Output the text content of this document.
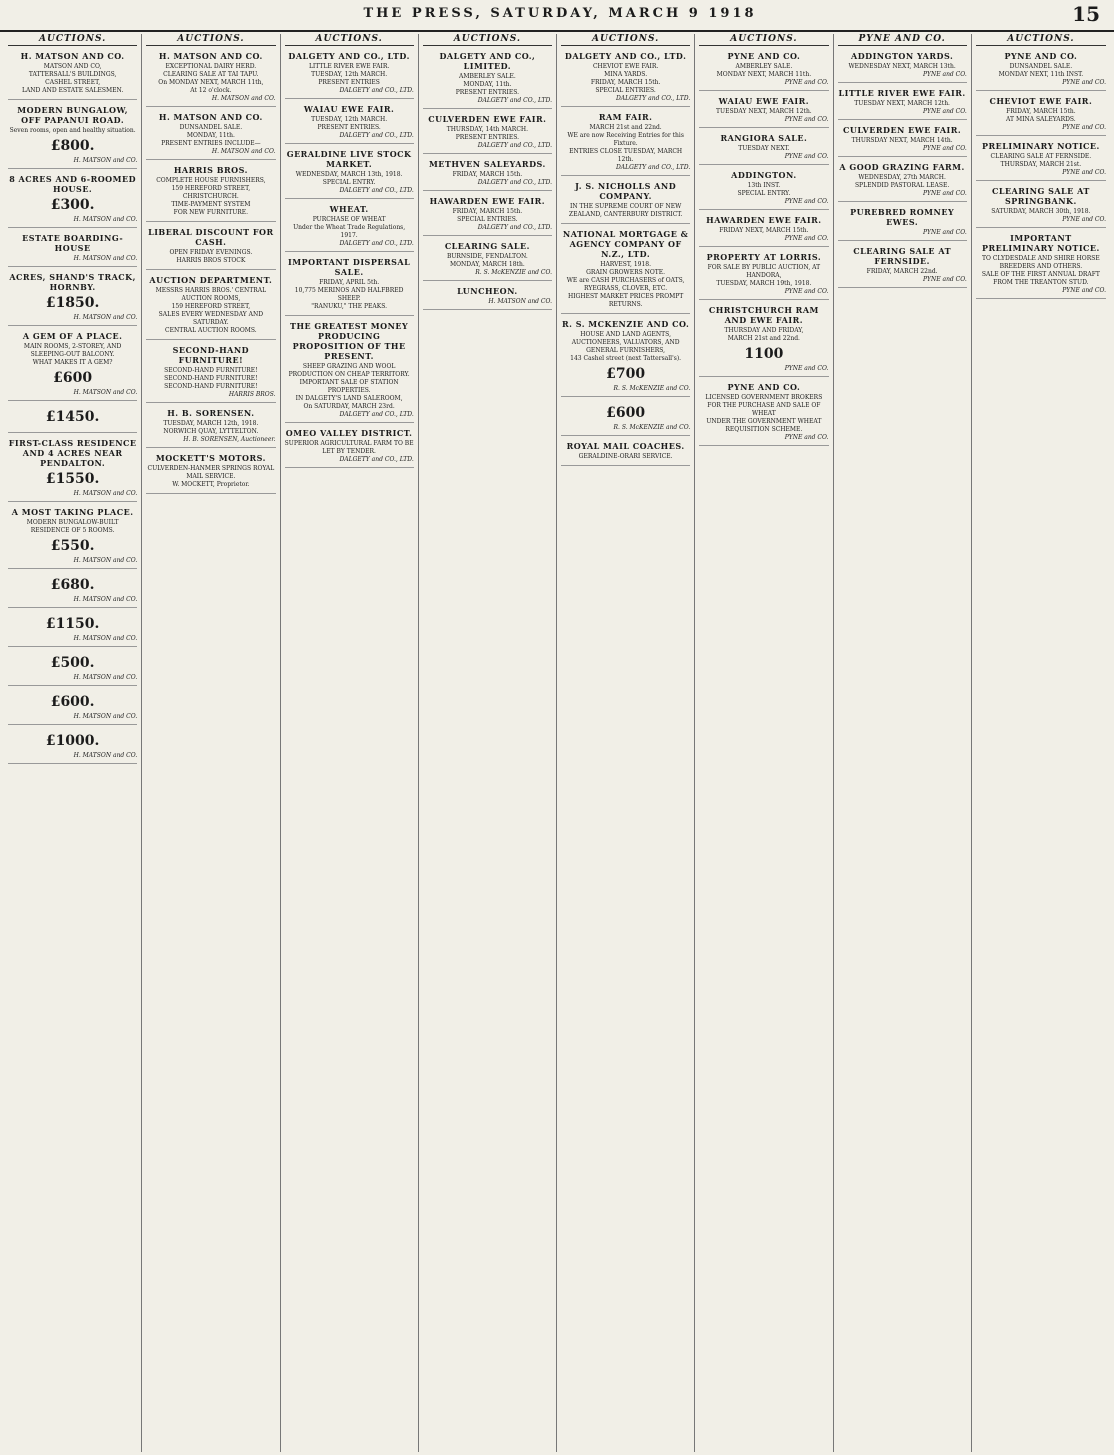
THE PRESS, SATURDAY, MARCH 9 1918	15
AUCTIONS.
H. MATSON AND CO.
MATSON AND CO,
TATTERSALL'S BUILDINGS,
CASHEL STREET,
LAND AND ESTATE SALESMEN.
MODERN BUNGALOW, OFF PAPANUI ROAD.
Seven rooms, open and healthy situation.
£800.
H. MATSON and CO.
8 ACRES AND 6-ROOMED HOUSE.
£300.
H. MATSON and CO.
ESTATE BOARDING-HOUSE
H. MATSON and CO.
ACRES, SHAND'S TRACK, HORNBY.
£1850.
H. MATSON and CO.
A GEM OF A PLACE.
MAIN ROOMS, 2-STOREY, AND SLEEPING-OUT BALCONY.
WHAT MAKES IT A GEM?
£600
H. MATSON and CO.
£1450.
FIRST-CLASS RESIDENCE AND 4 ACRES NEAR PENDALTON.
£1550.
H. MATSON and CO.
A MOST TAKING PLACE.
MODERN BUNGALOW-BUILT RESIDENCE OF 5 ROOMS.
£550.
H. MATSON and CO.
£680.
H. MATSON and CO.
£1150.
H. MATSON and CO.
£500.
H. MATSON and CO.
£600.
H. MATSON and CO.
£1000.
H. MATSON and CO.
AUCTIONS.
H. MATSON AND CO.
EXCEPTIONAL DAIRY HERD.
CLEARING SALE AT TAI TAPU.
On MONDAY NEXT, MARCH 11th,
At 12 o'clock.
H. MATSON and CO.
H. MATSON AND CO.
DUNSANDEL SALE.
MONDAY, 11th.
PRESENT ENTRIES INCLUDE—
H. MATSON and CO.
HARRIS BROS.
COMPLETE HOUSE FURNISHERS,
159 HEREFORD STREET,
CHRISTCHURCH.
TIME-PAYMENT SYSTEM
FOR NEW FURNITURE.
LIBERAL DISCOUNT FOR CASH.
OPEN FRIDAY EVENINGS.
HARRIS BROS STOCK
AUCTION DEPARTMENT.
MESSRS HARRIS BROS.' CENTRAL AUCTION ROOMS,
159 HEREFORD STREET,
SALES EVERY WEDNESDAY AND SATURDAY.
CENTRAL AUCTION ROOMS.
SECOND-HAND FURNITURE!
SECOND-HAND FURNITURE!
SECOND-HAND FURNITURE!
SECOND-HAND FURNITURE!
HARRIS BROS.
H. B. SORENSEN.
TUESDAY, MARCH 12th, 1918.
NORWICH QUAY, LYTTELTON.
H. B. SORENSEN, Auctioneer.
MOCKETT'S MOTORS.
CULVERDEN-HANMER SPRINGS ROYAL MAIL SERVICE.
W. MOCKETT, Proprietor.
AUCTIONS.
DALGETY AND CO., LTD.
LITTLE RIVER EWE FAIR.
TUESDAY, 12th MARCH.
PRESENT ENTRIES
DALGETY and CO., LTD.
WAIAU EWE FAIR.
TUESDAY, 12th MARCH.
PRESENT ENTRIES.
DALGETY and CO., LTD.
GERALDINE LIVE STOCK MARKET.
WEDNESDAY, MARCH 13th, 1918.
SPECIAL ENTRY.
DALGETY and CO., LTD.
WHEAT.
PURCHASE OF WHEAT
Under the Wheat Trade Regulations, 1917.
DALGETY and CO., LTD.
IMPORTANT DISPERSAL SALE.
FRIDAY, APRIL 5th.
10,775 MERINOS AND HALFBRED SHEEP.
"RANUKU," THE PEAKS.
THE GREATEST MONEY PRODUCING PROPOSITION OF THE PRESENT.
SHEEP GRAZING AND WOOL PRODUCTION ON CHEAP TERRITORY.
IMPORTANT SALE OF STATION PROPERTIES.
IN DALGETY'S LAND SALEROOM,
On SATURDAY, MARCH 23rd.
DALGETY and CO., LTD.
OMEO VALLEY DISTRICT.
SUPERIOR AGRICULTURAL FARM TO BE LET BY TENDER.
DALGETY and CO., LTD.
AUCTIONS.
DALGETY AND CO., LIMITED.
AMBERLEY SALE.
MONDAY, 11th.
PRESENT ENTRIES.
DALGETY and CO., LTD.
CULVERDEN EWE FAIR.
THURSDAY, 14th MARCH.
PRESENT ENTRIES.
DALGETY and CO., LTD.
METHVEN SALEYARDS.
FRIDAY, MARCH 15th.
DALGETY and CO., LTD.
HAWARDEN EWE FAIR.
FRIDAY, MARCH 15th.
SPECIAL ENTRIES.
DALGETY and CO., LTD.
CLEARING SALE.
BURNSIDE, FENDALTON.
MONDAY, MARCH 18th.
R. S. McKENZIE and CO.
LUNCHEON.
H. MATSON and CO.
AUCTIONS.
DALGETY AND CO., LTD.
CHEVIOT EWE FAIR.
MINA YARDS.
FRIDAY, MARCH 15th.
SPECIAL ENTRIES.
DALGETY and CO., LTD.
RAM FAIR.
MARCH 21st and 22nd.
WE are now Receiving Entries for this Fixture.
ENTRIES CLOSE TUESDAY, MARCH 12th.
DALGETY and CO., LTD.
J. S. NICHOLLS AND COMPANY.
IN THE SUPREME COURT OF NEW ZEALAND, CANTERBURY DISTRICT.
NATIONAL MORTGAGE & AGENCY COMPANY OF N.Z., LTD.
HARVEST, 1918.
GRAIN GROWERS NOTE.
WE are CASH PURCHASERS of OATS, RYEGRASS, CLOVER, ETC.
HIGHEST MARKET PRICES PROMPT RETURNS.
R. S. MCKENZIE AND CO.
HOUSE AND LAND AGENTS,
AUCTIONEERS, VALUATORS, AND
GENERAL FURNISHERS,
143 Cashel street (next Tattersall's).
£700
R. S. McKENZIE and CO.
£600
R. S. McKENZIE and CO.
ROYAL MAIL COACHES.
GERALDINE-ORARI SERVICE.
AUCTIONS.
PYNE AND CO.
AMBERLEY SALE.
MONDAY NEXT, MARCH 11th.
PYNE and CO.
WAIAU EWE FAIR.
TUESDAY NEXT, MARCH 12th.
PYNE and CO.
RANGIORA SALE.
TUESDAY NEXT.
PYNE and CO.
ADDINGTON.
13th INST.
SPECIAL ENTRY.
PYNE and CO.
HAWARDEN EWE FAIR.
FRIDAY NEXT, MARCH 15th.
PYNE and CO.
PROPERTY AT LORRIS.
FOR SALE BY PUBLIC AUCTION, AT HANDORA,
TUESDAY, MARCH 19th, 1918.
PYNE and CO.
CHRISTCHURCH RAM AND EWE FAIR.
THURSDAY AND FRIDAY,
MARCH 21st and 22nd.
1100
PYNE and CO.
PYNE AND CO.
LICENSED GOVERNMENT BROKERS
FOR THE PURCHASE AND SALE OF WHEAT
UNDER THE GOVERNMENT WHEAT REQUISITION SCHEME.
PYNE and CO.
PYNE AND CO.
ADDINGTON YARDS.
WEDNESDAY NEXT, MARCH 13th.
PYNE and CO.
LITTLE RIVER EWE FAIR.
TUESDAY NEXT, MARCH 12th.
PYNE and CO.
CULVERDEN EWE FAIR.
THURSDAY NEXT, MARCH 14th.
PYNE and CO.
A GOOD GRAZING FARM.
WEDNESDAY, 27th MARCH.
SPLENDID PASTORAL LEASE.
PYNE and CO.
PUREBRED ROMNEY EWES.
PYNE and CO.
CLEARING SALE AT FERNSIDE.
FRIDAY, MARCH 22nd.
PYNE and CO.
AUCTIONS.
PYNE AND CO.
DUNSANDEL SALE.
MONDAY NEXT, 11th INST.
PYNE and CO.
CHEVIOT EWE FAIR.
FRIDAY, MARCH 15th.
AT MINA SALEYARDS.
PYNE and CO.
PRELIMINARY NOTICE.
CLEARING SALE AT FERNSIDE.
THURSDAY, MARCH 21st.
PYNE and CO.
CLEARING SALE AT SPRINGBANK.
SATURDAY, MARCH 30th, 1918.
PYNE and CO.
IMPORTANT PRELIMINARY NOTICE.
TO CLYDESDALE AND SHIRE HORSE BREEDERS AND OTHERS.
SALE OF THE FIRST ANNUAL DRAFT FROM THE TREANTON STUD.
PYNE and CO.
